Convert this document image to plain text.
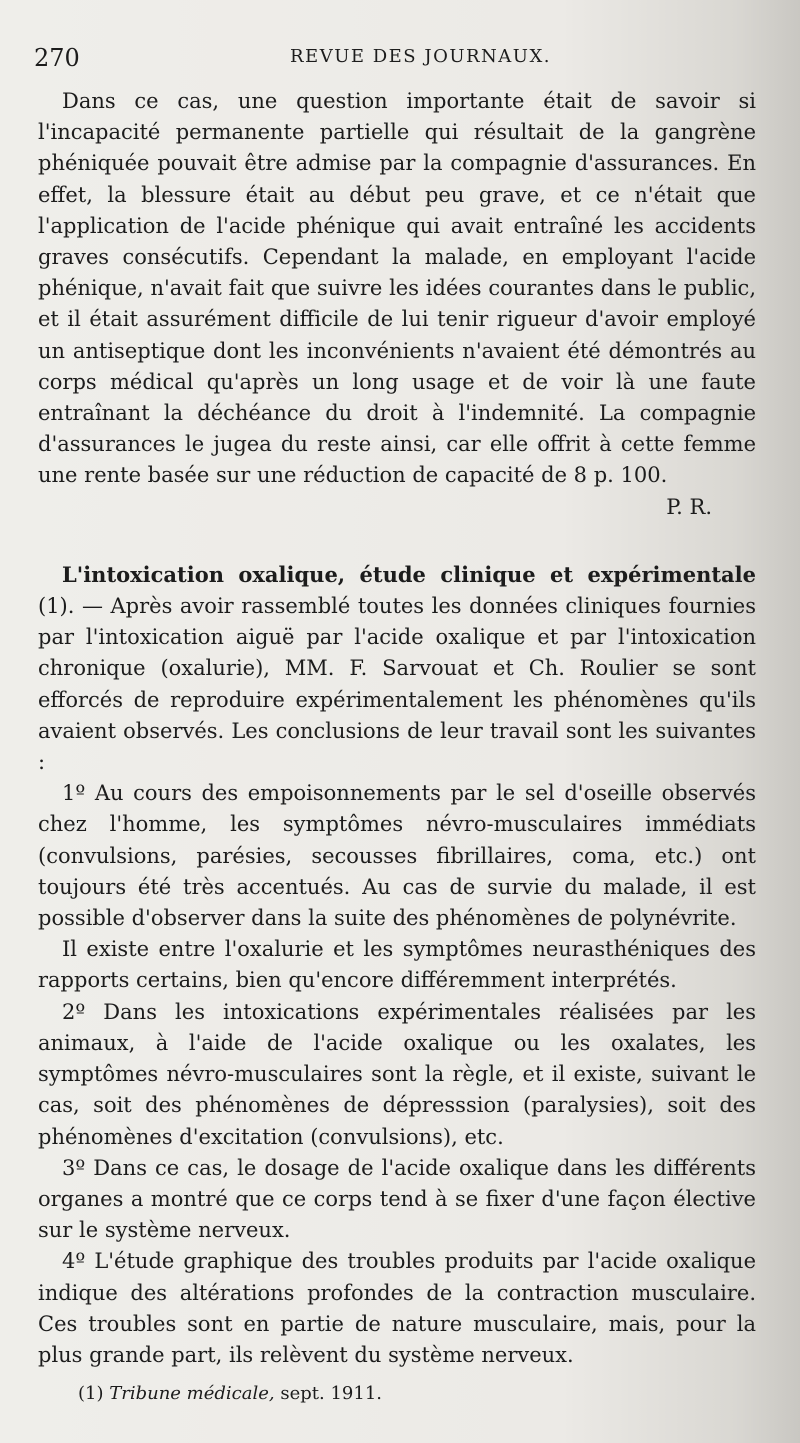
270	REVUE DES JOURNAUX.

Dans ce cas, une question importante était de savoir si l'incapacité permanente partielle qui résultait de la gangrène phéniquée pouvait être admise par la compagnie d'assurances. En effet, la blessure était au début peu grave, et ce n'était que l'application de l'acide phénique qui avait entraîné les accidents graves consécutifs. Cependant la malade, en employant l'acide phénique, n'avait fait que suivre les idées courantes dans le public, et il était assurément difficile de lui tenir rigueur d'avoir employé un antiseptique dont les inconvénients n'avaient été démontrés au corps médical qu'après un long usage et de voir là une faute entraînant la déchéance du droit à l'indemnité. La compagnie d'assurances le jugea du reste ainsi, car elle offrit à cette femme une rente basée sur une réduction de capacité de 8 p. 100.

P. R.

L'intoxication oxalique, étude clinique et expérimentale (1). — Après avoir rassemblé toutes les données cliniques fournies par l'intoxication aiguë par l'acide oxalique et par l'intoxication chronique (oxalurie), MM. F. Sarvouat et Ch. Roulier se sont efforcés de reproduire expérimentalement les phénomènes qu'ils avaient observés. Les conclusions de leur travail sont les suivantes :

1º Au cours des empoisonnements par le sel d'oseille observés chez l'homme, les symptômes névro-musculaires immédiats (convulsions, parésies, secousses fibrillaires, coma, etc.) ont toujours été très accentués. Au cas de survie du malade, il est possible d'observer dans la suite des phénomènes de polynévrite.

Il existe entre l'oxalurie et les symptômes neurasthéniques des rapports certains, bien qu'encore différemment interprétés.

2º Dans les intoxications expérimentales réalisées par les animaux, à l'aide de l'acide oxalique ou les oxalates, les symptômes névro-musculaires sont la règle, et il existe, suivant le cas, soit des phénomènes de dépresssion (paralysies), soit des phénomènes d'excitation (convulsions), etc.

3º Dans ce cas, le dosage de l'acide oxalique dans les différents organes a montré que ce corps tend à se fixer d'une façon élective sur le système nerveux.

4º L'étude graphique des troubles produits par l'acide oxalique indique des altérations profondes de la contraction musculaire. Ces troubles sont en partie de nature musculaire, mais, pour la plus grande part, ils relèvent du système nerveux.

(1) Tribune médicale, sept. 1911.
